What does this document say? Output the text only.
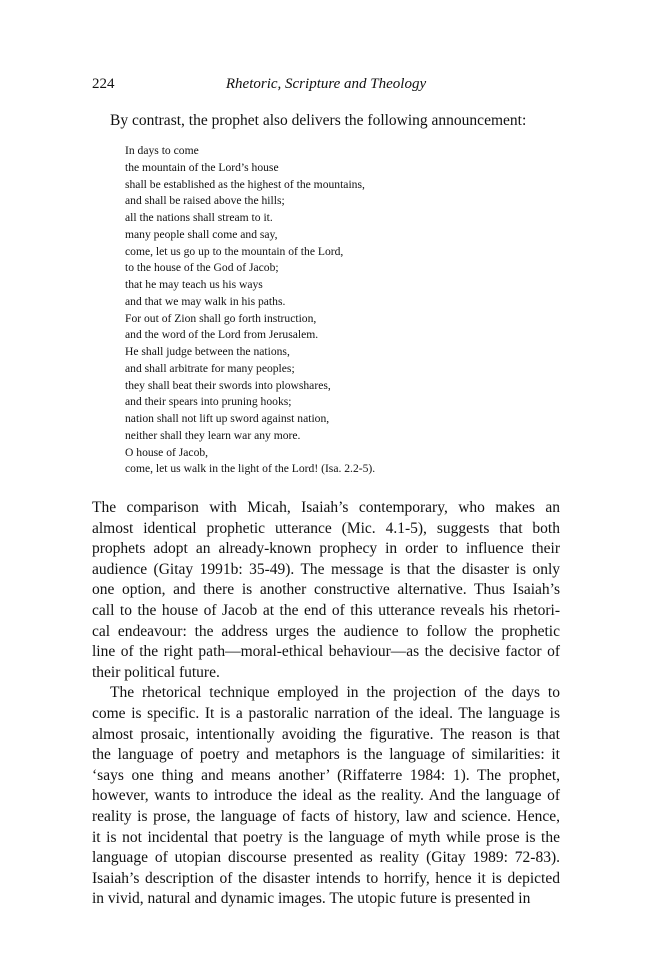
224	Rhetoric, Scripture and Theology
By contrast, the prophet also delivers the following announcement:
In days to come
the mountain of the Lord’s house
shall be established as the highest of the mountains,
and shall be raised above the hills;
all the nations shall stream to it.
many people shall come and say,
come, let us go up to the mountain of the Lord,
to the house of the God of Jacob;
that he may teach us his ways
and that we may walk in his paths.
For out of Zion shall go forth instruction,
and the word of the Lord from Jerusalem.
He shall judge between the nations,
and shall arbitrate for many peoples;
they shall beat their swords into plowshares,
and their spears into pruning hooks;
nation shall not lift up sword against nation,
neither shall they learn war any more.
O house of Jacob,
come, let us walk in the light of the Lord! (Isa. 2.2-5).
The comparison with Micah, Isaiah’s contemporary, who makes an
almost identical prophetic utterance (Mic. 4.1-5), suggests that both
prophets adopt an already-known prophecy in order to influence their
audience (Gitay 1991b: 35-49). The message is that the disaster is only
one option, and there is another constructive alternative. Thus Isaiah’s
call to the house of Jacob at the end of this utterance reveals his rhetori-
cal endeavour: the address urges the audience to follow the prophetic
line of the right path—moral-ethical behaviour—as the decisive factor of
their political future.
The rhetorical technique employed in the projection of the days to
come is specific. It is a pastoralic narration of the ideal. The language is
almost prosaic, intentionally avoiding the figurative. The reason is that
the language of poetry and metaphors is the language of similarities: it
‘says one thing and means another’ (Riffaterre 1984: 1). The prophet,
however, wants to introduce the ideal as the reality. And the language of
reality is prose, the language of facts of history, law and science. Hence,
it is not incidental that poetry is the language of myth while prose is the
language of utopian discourse presented as reality (Gitay 1989: 72-83).
Isaiah’s description of the disaster intends to horrify, hence it is depicted
in vivid, natural and dynamic images. The utopic future is presented in
